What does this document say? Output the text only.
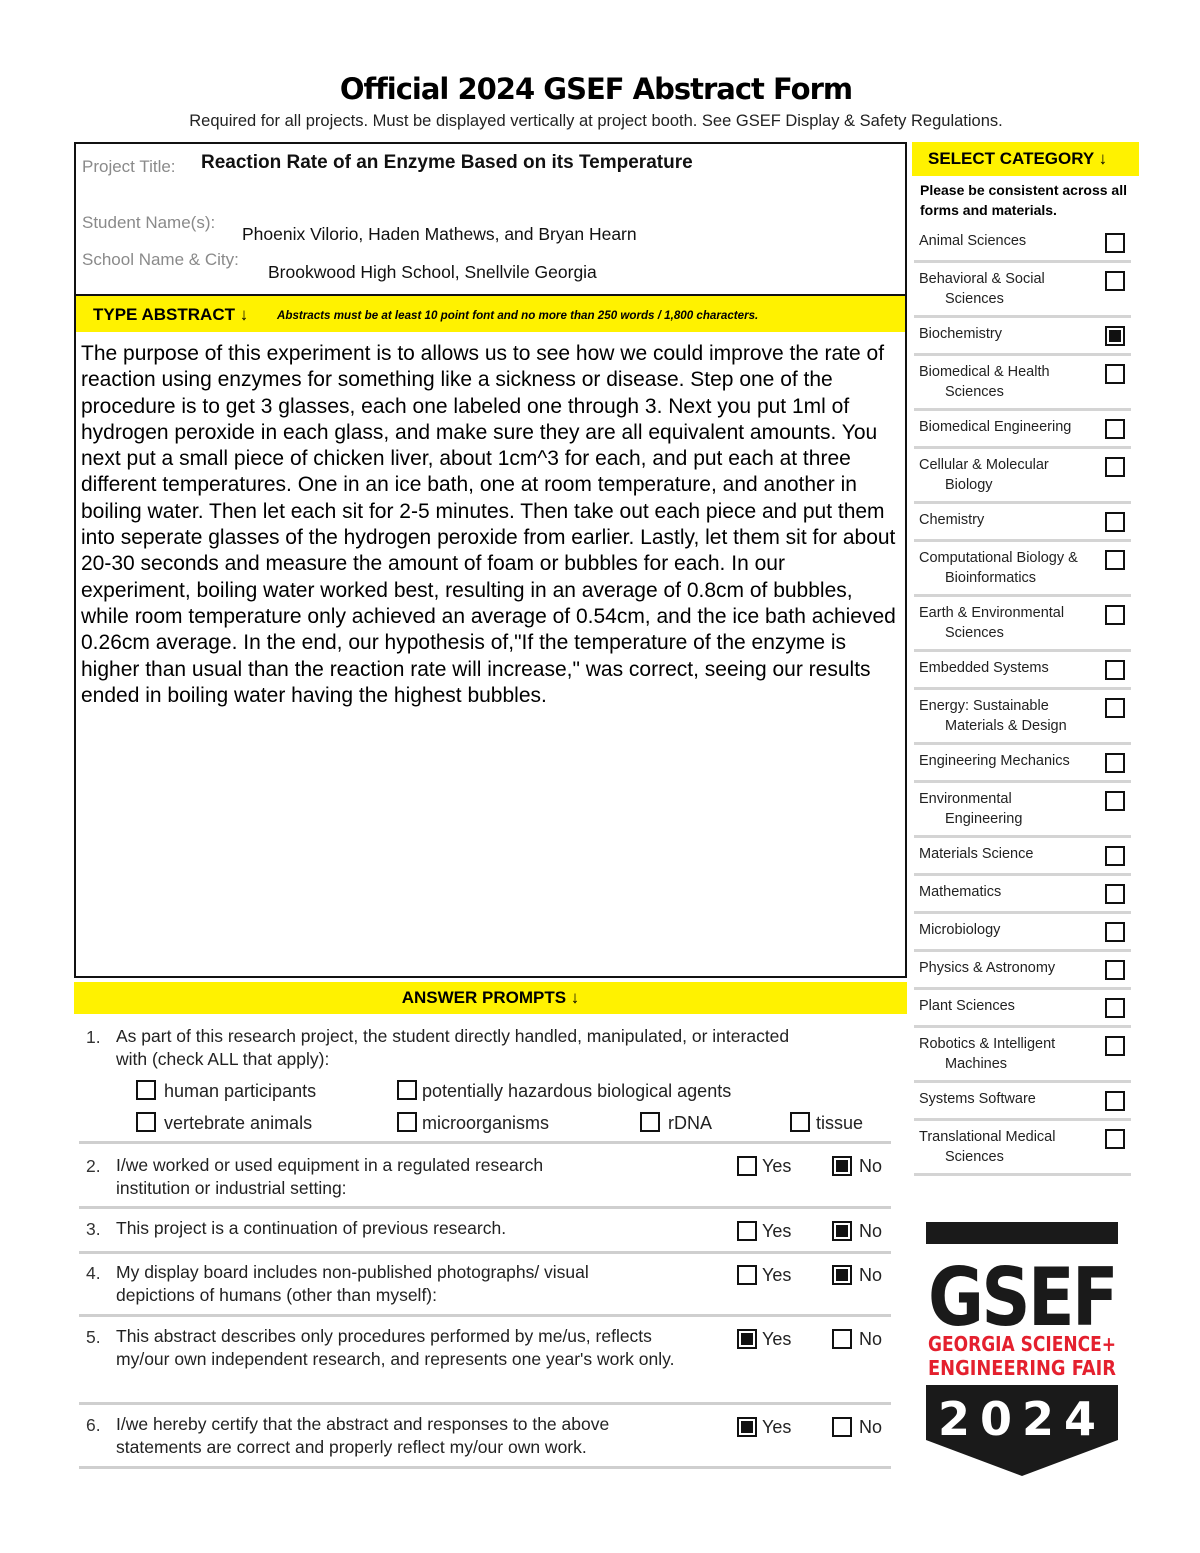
Official 2024 GSEF Abstract Form
Required for all projects. Must be displayed vertically at project booth. See GSEF Display & Safety Regulations.
Project Title: Reaction Rate of an Enzyme Based on its Temperature
Student Name(s):
Phoenix Vilorio, Haden Mathews, and Bryan Hearn
School Name & City:
Brookwood High School, Snellvile Georgia
TYPE ABSTRACT ↓ Abstracts must be at least 10 point font and no more than 250 words / 1,800 characters.
The purpose of this experiment is to allows us to see how we could improve the rate of reaction using enzymes for something like a sickness or disease. Step one of the procedure is to get 3 glasses, each one labeled one through 3. Next you put 1ml of hydrogen peroxide in each glass, and make sure they are all equivalent amounts. You next put a small piece of chicken liver, about 1cm^3 for each, and put each at three different temperatures. One in an ice bath, one at room temperature, and another in boiling water. Then let each sit for 2-5 minutes. Then take out each piece and put them into seperate glasses of the hydrogen peroxide from earlier. Lastly, let them sit for about 20-30 seconds and measure the amount of foam or bubbles for each. In our experiment, boiling water worked best, resulting in an average of 0.8cm of bubbles, while room temperature only achieved an average of 0.54cm, and the ice bath achieved 0.26cm average. In the end, our hypothesis of,"If the temperature of the enzyme is higher than usual than the reaction rate will increase," was correct, seeing our results ended in boiling water having the highest bubbles.
SELECT CATEGORY ↓
Please be consistent across all forms and materials.
Animal Sciences
Behavioral & Social
Sciences
Biochemistry
Biomedical & Health
Sciences
Biomedical Engineering
Cellular & Molecular
Biology
Chemistry
Computational Biology &
Bioinformatics
Earth & Environmental
Sciences
Embedded Systems
Energy: Sustainable
Materials & Design
Engineering Mechanics
Environmental
Engineering
Materials Science
Mathematics
Microbiology
Physics & Astronomy
Plant Sciences
Robotics & Intelligent
Machines
Systems Software
Translational Medical
Sciences
ANSWER PROMPTS ↓
1. As part of this research project, the student directly handled, manipulated, or interacted with (check ALL that apply):
human participants	potentially hazardous biological agents
vertebrate animals	microorganisms	rDNA	tissue
2. I/we worked or used equipment in a regulated research institution or industrial setting:
Yes	No
3. This project is a continuation of previous research.	Yes	No
4. My display board includes non-published photographs/ visual depictions of humans (other than myself):
Yes	No
5. This abstract describes only procedures performed by me/us, reflects my/our own independent research, and represents one year's work only.
Yes	No
6. I/we hereby certify that the abstract and responses to the above statements are correct and properly reflect my/our own work.
Yes	No
GSEF
GEORGIA SCIENCE+
ENGINEERING FAIR
2024
